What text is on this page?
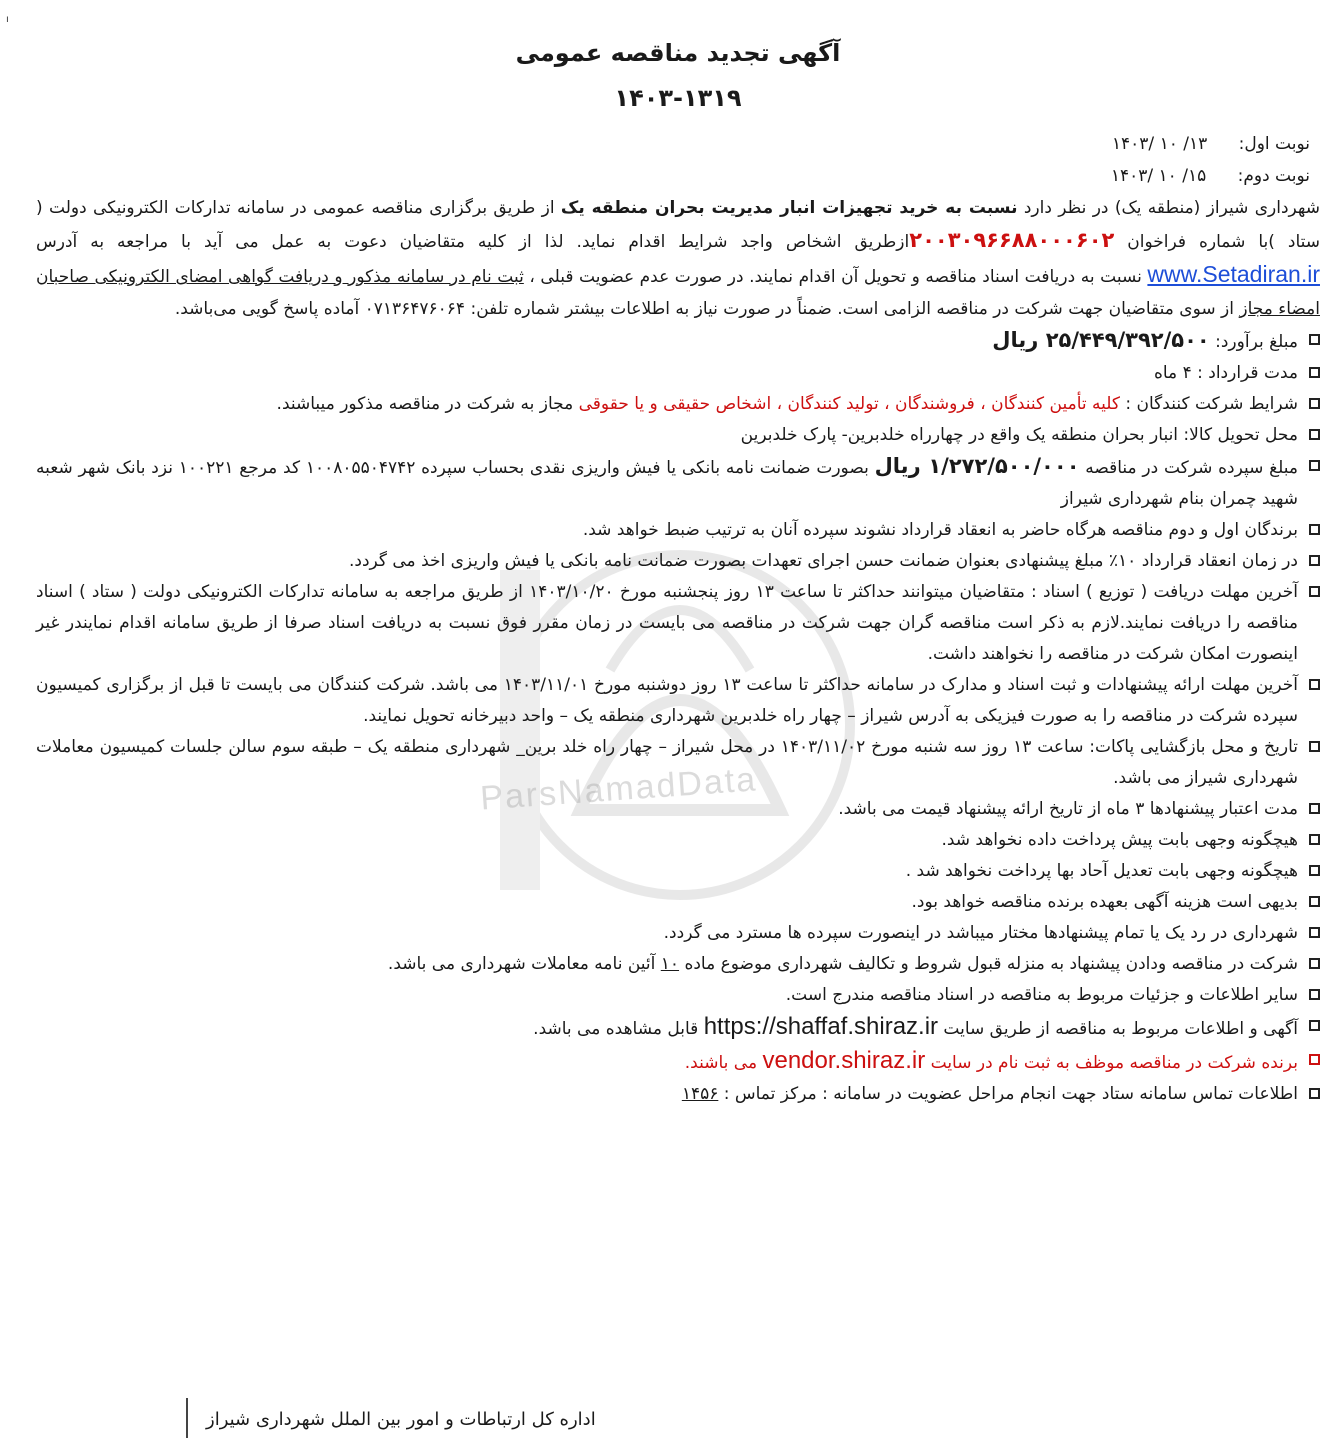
ı
ParsNamadData
آگهی تجدید مناقصه عمومی
۱۴۰۳-۱۳۱۹
نوبت اول: ۱۳/ ۱۰ /۱۴۰۳
نوبت دوم: ۱۵/ ۱۰ /۱۴۰۳

شهرداری شیراز (منطقه یک) در نظر دارد نسبت به خرید تجهیزات انبار مدیریت بحران منطقه یک از طریق برگزاری مناقصه عمومی در سامانه تدارکات الکترونیکی دولت ( ستاد )با شماره فراخوان ۲۰۰۳۰۹۶۶۸۸۰۰۰۶۰۲ازطریق اشخاص واجد شرایط اقدام نماید. لذا از کلیه متقاضیان دعوت به عمل می آید با مراجعه به آدرس www.Setadiran.ir نسبت به دریافت اسناد مناقصه و تحویل آن اقدام نمایند. در صورت عدم عضویت قبلی ، ثبت نام در سامانه مذکور و دریافت گواهی امضای الکترونیکی صاحبان امضاء مجاز از سوی متقاضیان جهت شرکت در مناقصه الزامی است. ضمناً در صورت نیاز به اطلاعات بیشتر شماره تلفن: ۰۷۱۳۶۴۷۶۰۶۴ آماده پاسخ گویی می‌باشد.

مبلغ برآورد: ۲۵/۴۴۹/۳۹۲/۵۰۰ ریال
مدت قرارداد : ۴ ماه
شرایط شرکت کنندگان : کلیه تأمین کنندگان ، فروشندگان ، تولید کنندگان ، اشخاص حقیقی و یا حقوقی مجاز به شرکت در مناقصه مذکور میباشند.
محل تحویل کالا: انبار بحران منطقه یک واقع در چهارراه خلدبرین- پارک خلدبرین
مبلغ سپرده شرکت در مناقصه ۱/۲۷۲/۵۰۰/۰۰۰ ریال بصورت ضمانت نامه بانکی یا فیش واریزی نقدی بحساب سپرده ۱۰۰۸۰۵۵۰۴۷۴۲ کد مرجع ۱۰۰۲۲۱ نزد بانک شهر شعبه شهید چمران بنام شهرداری شیراز
برندگان اول و دوم مناقصه هرگاه حاضر به انعقاد قرارداد نشوند سپرده آنان به ترتیب ضبط خواهد شد.
در زمان انعقاد قرارداد ۱۰٪ مبلغ پیشنهادی بعنوان ضمانت حسن اجرای تعهدات بصورت ضمانت نامه بانکی یا فیش واریزی اخذ می گردد.
آخرین مهلت دریافت ( توزیع ) اسناد : متقاضیان میتوانند حداکثر تا ساعت ۱۳ روز پنجشنبه مورخ ۱۴۰۳/۱۰/۲۰ از طریق مراجعه به سامانه تدارکات الکترونیکی دولت ( ستاد ) اسناد مناقصه را دریافت نمایند.لازم به ذکر است مناقصه گران جهت شرکت در مناقصه می بایست در زمان مقرر فوق نسبت به دریافت اسناد صرفا از طریق سامانه اقدام نمایندر غیر اینصورت امکان شرکت در مناقصه را نخواهند داشت.
آخرین مهلت ارائه پیشنهادات و ثبت اسناد و مدارک در سامانه حداکثر تا ساعت ۱۳ روز دوشنبه مورخ ۱۴۰۳/۱۱/۰۱ می باشد. شرکت کنندگان می بایست تا قبل از برگزاری کمیسیون سپرده شرکت در مناقصه را به صورت فیزیکی به آدرس شیراز – چهار راه خلدبرین شهرداری منطقه یک – واحد دبیرخانه تحویل نمایند.
تاریخ و محل بازگشایی پاکات: ساعت ۱۳ روز سه شنبه مورخ ۱۴۰۳/۱۱/۰۲ در محل شیراز – چهار راه خلد برین_ شهرداری منطقه یک – طبقه سوم سالن جلسات کمیسیون معاملات شهرداری شیراز می باشد.
مدت اعتبار پیشنهادها ۳ ماه از تاریخ ارائه پیشنهاد قیمت می باشد.
هیچگونه وجهی بابت پیش پرداخت داده نخواهد شد.
هیچگونه وجهی بابت تعدیل آحاد بها پرداخت نخواهد شد .
بدیهی است هزینه آگهی بعهده برنده مناقصه خواهد بود.
شهرداری در رد یک یا تمام پیشنهادها مختار میباشد در اینصورت سپرده ها مسترد می گردد.
شرکت در مناقصه ودادن پیشنهاد به منزله قبول شروط و تکالیف شهرداری موضوع ماده ۱۰ آئین نامه معاملات شهرداری می باشد.
سایر اطلاعات و جزئیات مربوط به مناقصه در اسناد مناقصه مندرج است.
آگهی و اطلاعات مربوط به مناقصه از طریق سایت https://shaffaf.shiraz.ir قابل مشاهده می باشد.
برنده شرکت در مناقصه موظف به ثبت نام در سایت vendor.shiraz.ir می باشند.
اطلاعات تماس سامانه ستاد جهت انجام مراحل عضویت در سامانه : مرکز تماس : ۱۴۵۶
اداره کل ارتباطات و امور بین الملل شهرداری شیراز
